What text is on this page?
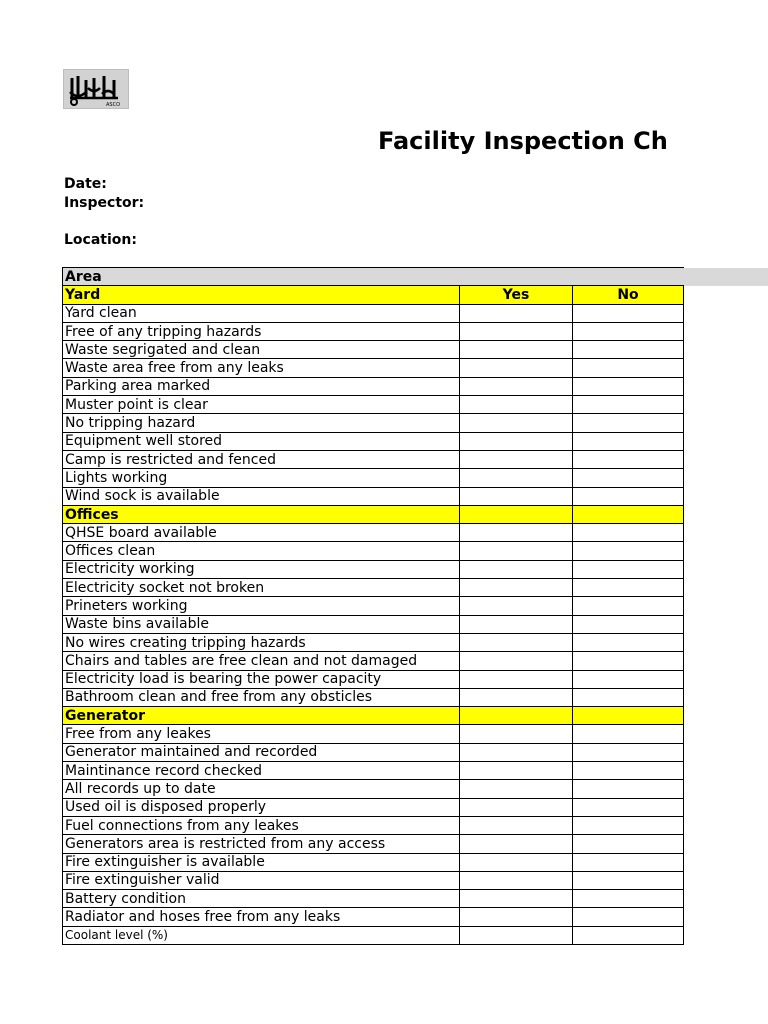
ASCO
Facility Inspection Ch
Date:
Inspector:
Location:
Area		
Yard	Yes	No
Yard clean		
Free of any tripping hazards		
Waste segrigated and clean		
Waste area free from any leaks		
Parking area marked		
Muster point is clear		
No tripping hazard		
Equipment well stored		
Camp is restricted and fenced		
Lights working		
Wind sock is available		
Offices		
QHSE board available		
Offices clean		
Electricity working		
Electricity socket not broken		
Prineters working		
Waste bins available		
No wires creating tripping hazards		
Chairs and tables are free clean and not damaged		
Electricity load is bearing the power capacity		
Bathroom clean and free from any obsticles		
Generator		
Free from any leakes		
Generator maintained and recorded		
Maintinance record checked		
All records up to date		
Used oil is disposed properly		
Fuel connections from any leakes		
Generators area is restricted from any access		
Fire extinguisher is available		
Fire extinguisher valid		
Battery condition		
Radiator and hoses free from any leaks		
Coolant level (%)		
